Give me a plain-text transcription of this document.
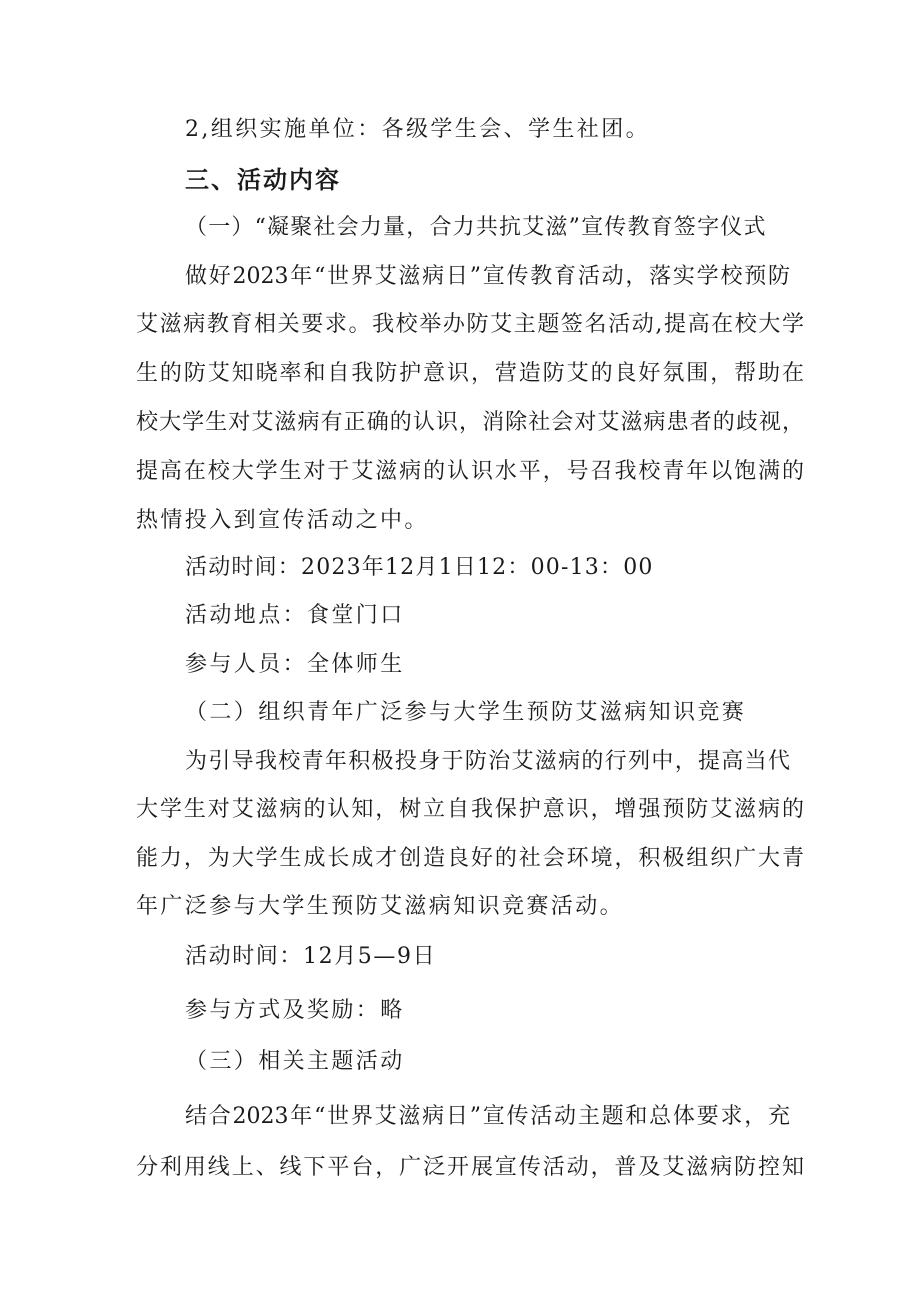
2,组织实施单位：各级学生会、学生社团。
三、活动内容
（一）“凝聚社会力量，合力共抗艾滋”宣传教育签字仪式
做好2023年“世界艾滋病日”宣传教育活动，落实学校预防
艾滋病教育相关要求。我校举办防艾主题签名活动,提高在校大学
生的防艾知晓率和自我防护意识，营造防艾的良好氛围，帮助在
校大学生对艾滋病有正确的认识，消除社会对艾滋病患者的歧视，
提高在校大学生对于艾滋病的认识水平，号召我校青年以饱满的
热情投入到宣传活动之中。
活动时间：2023年12月1日12：00-13：00
活动地点：食堂门口
参与人员：全体师生
（二）组织青年广泛参与大学生预防艾滋病知识竞赛
为引导我校青年积极投身于防治艾滋病的行列中，提高当代
大学生对艾滋病的认知，树立自我保护意识，增强预防艾滋病的
能力，为大学生成长成才创造良好的社会环境，积极组织广大青
年广泛参与大学生预防艾滋病知识竞赛活动。
活动时间：12月5—9日
参与方式及奖励：略
（三）相关主题活动
结合2023年“世界艾滋病日”宣传活动主题和总体要求，充
分利用线上、线下平台，广泛开展宣传活动，普及艾滋病防控知
